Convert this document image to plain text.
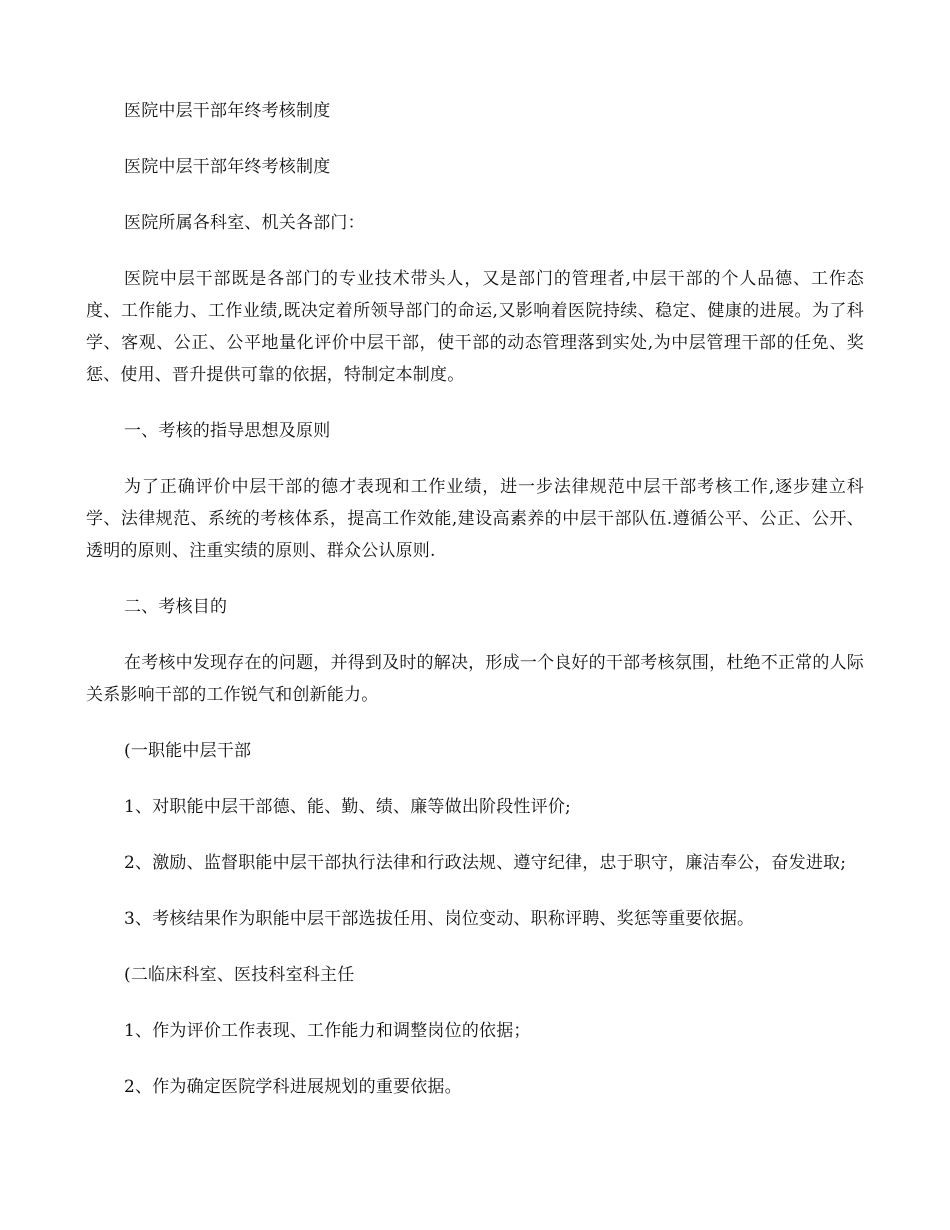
医院中层干部年终考核制度

医院中层干部年终考核制度

医院所属各科室、机关各部门：

医院中层干部既是各部门的专业技术带头人，又是部门的管理者,中层干部的个人品德、工作态度、工作能力、工作业绩,既决定着所领导部门的命运,又影响着医院持续、稳定、健康的进展。为了科学、客观、公正、公平地量化评价中层干部，使干部的动态管理落到实处,为中层管理干部的任免、奖惩、使用、晋升提供可靠的依据，特制定本制度。

一、考核的指导思想及原则

为了正确评价中层干部的德才表现和工作业绩，进一步法律规范中层干部考核工作,逐步建立科学、法律规范、系统的考核体系，提高工作效能,建设高素养的中层干部队伍.遵循公平、公正、公开、透明的原则、注重实绩的原则、群众公认原则.

二、考核目的

在考核中发现存在的问题，并得到及时的解决，形成一个良好的干部考核氛围，杜绝不正常的人际关系影响干部的工作锐气和创新能力。

(一职能中层干部

1、对职能中层干部德、能、勤、绩、廉等做出阶段性评价;

2、激励、监督职能中层干部执行法律和行政法规、遵守纪律，忠于职守，廉洁奉公，奋发进取;

3、考核结果作为职能中层干部选拔任用、岗位变动、职称评聘、奖惩等重要依据。

(二临床科室、医技科室科主任

1、作为评价工作表现、工作能力和调整岗位的依据；

2、作为确定医院学科进展规划的重要依据。
